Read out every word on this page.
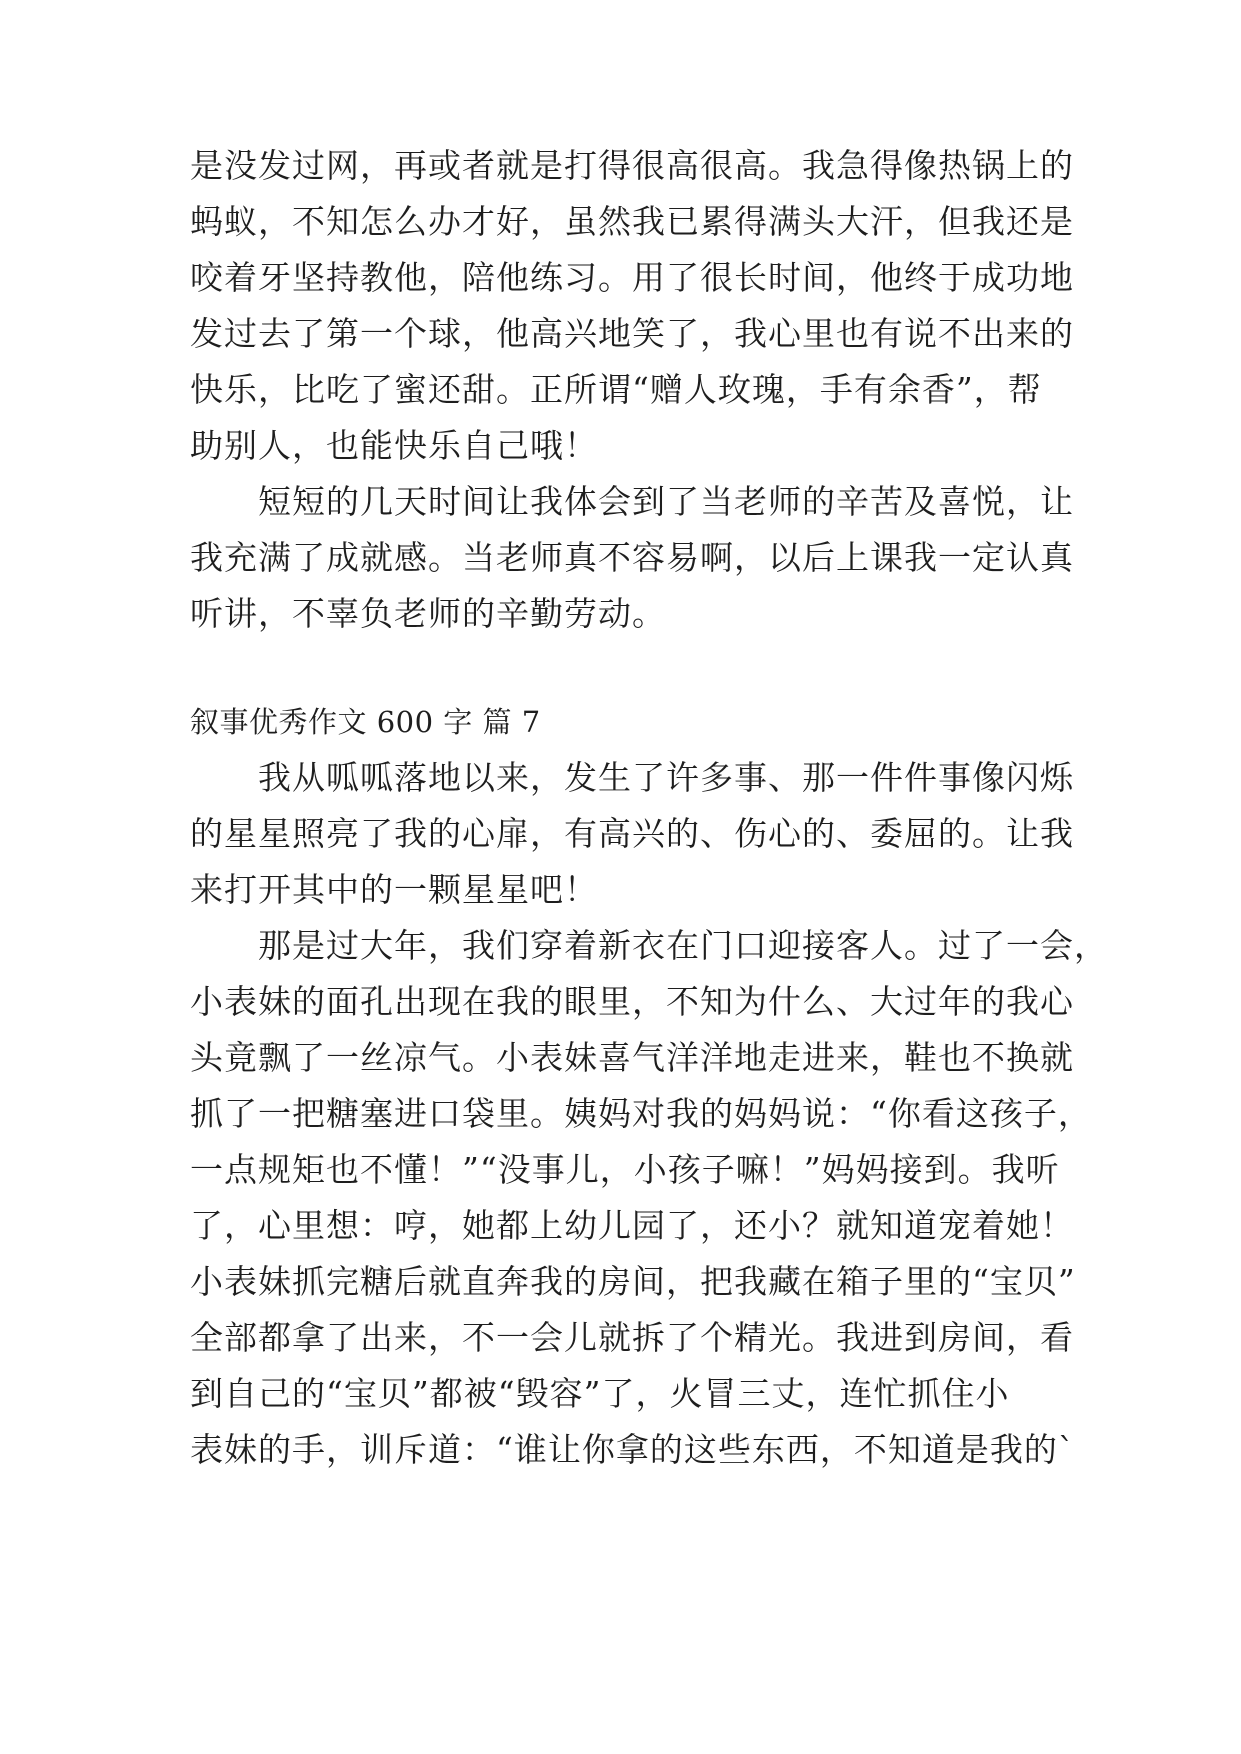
是没发过网，再或者就是打得很高很高。我急得像热锅上的
蚂蚁，不知怎么办才好，虽然我已累得满头大汗，但我还是
咬着牙坚持教他，陪他练习。用了很长时间，他终于成功地
发过去了第一个球，他高兴地笑了，我心里也有说不出来的
快乐，比吃了蜜还甜。正所谓“赠人玫瑰，手有余香”，帮
助别人，也能快乐自己哦！
　　短短的几天时间让我体会到了当老师的辛苦及喜悦，让
我充满了成就感。当老师真不容易啊，以后上课我一定认真
听讲，不辜负老师的辛勤劳动。
叙事优秀作文 600 字 篇 7
　　我从呱呱落地以来，发生了许多事、那一件件事像闪烁
的星星照亮了我的心扉，有高兴的、伤心的、委屈的。让我
来打开其中的一颗星星吧！
　　那是过大年，我们穿着新衣在门口迎接客人。过了一会，
小表妹的面孔出现在我的眼里，不知为什么、大过年的我心
头竟飘了一丝凉气。小表妹喜气洋洋地走进来，鞋也不换就
抓了一把糖塞进口袋里。姨妈对我的妈妈说：“你看这孩子，
一点规矩也不懂！”“没事儿，小孩子嘛！”妈妈接到。我听
了，心里想：哼，她都上幼儿园了，还小？就知道宠着她！
小表妹抓完糖后就直奔我的房间，把我藏在箱子里的“宝贝”
全部都拿了出来，不一会儿就拆了个精光。我进到房间，看
到自己的“宝贝”都被“毁容”了，火冒三丈，连忙抓住小
表妹的手，训斥道：“谁让你拿的这些东西，不知道是我的`
